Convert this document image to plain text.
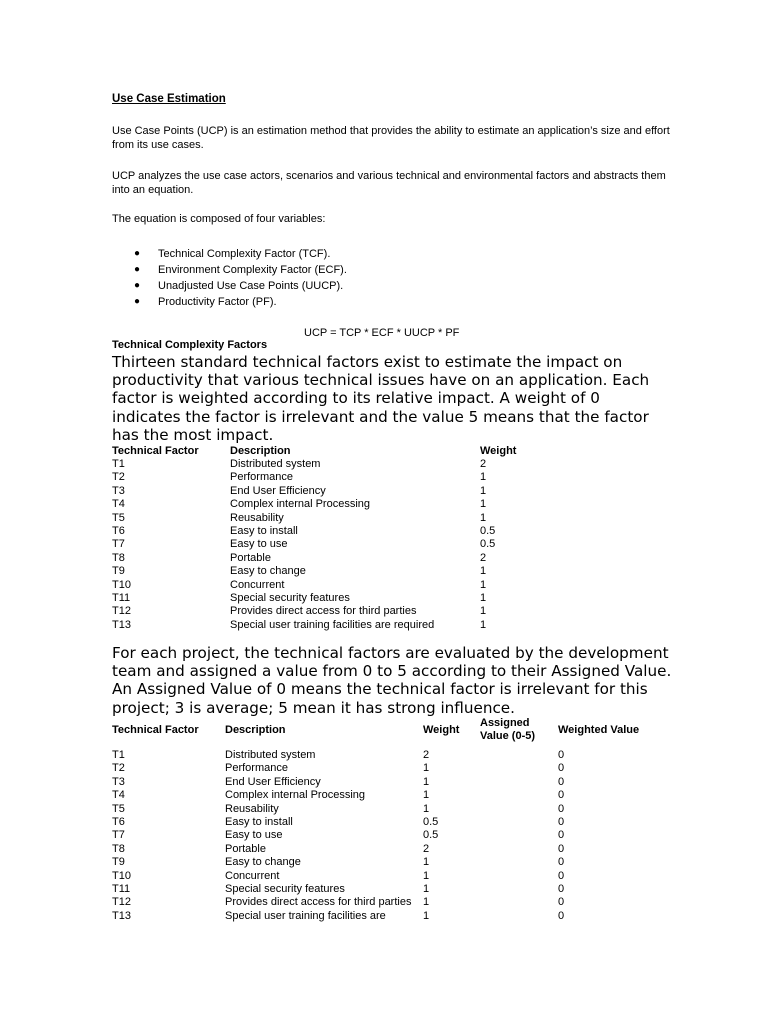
Use Case Estimation
Use Case Points (UCP) is an estimation method that provides the ability to estimate an application’s size and effort from its use cases.
UCP analyzes the use case actors, scenarios and various technical and environmental factors and abstracts them into an equation.
The equation is composed of four variables:
● Technical Complexity Factor (TCF).
● Environment Complexity Factor (ECF).
● Unadjusted Use Case Points (UUCP).
● Productivity Factor (PF).
UCP = TCP * ECF * UUCP * PF
Technical Complexity Factors
Thirteen standard technical factors exist to estimate the impact on productivity that various technical issues have on an application. Each factor is weighted according to its relative impact. A weight of 0 indicates the factor is irrelevant and the value 5 means that the factor has the most impact.
Technical Factor	Description	Weight
T1	Distributed system	2
T2	Performance	1
T3	End User Efficiency	1
T4	Complex internal Processing	1
T5	Reusability	1
T6	Easy to install	0.5
T7	Easy to use	0.5
T8	Portable	2
T9	Easy to change	1
T10	Concurrent	1
T11	Special security features	1
T12	Provides direct access for third parties	1
T13	Special user training facilities are required	1
For each project, the technical factors are evaluated by the development team and assigned a value from 0 to 5 according to their Assigned Value. An Assigned Value of 0 means the technical factor is irrelevant for this project; 3 is average; 5 mean it has strong influence.
Technical Factor	Description	Weight	Assigned Value (0-5)	Weighted Value
T1	Distributed system	2		0
T2	Performance	1		0
T3	End User Efficiency	1		0
T4	Complex internal Processing	1		0
T5	Reusability	1		0
T6	Easy to install	0.5		0
T7	Easy to use	0.5		0
T8	Portable	2		0
T9	Easy to change	1		0
T10	Concurrent	1		0
T11	Special security features	1		0
T12	Provides direct access for third parties	1		0
T13	Special user training facilities are	1		0
